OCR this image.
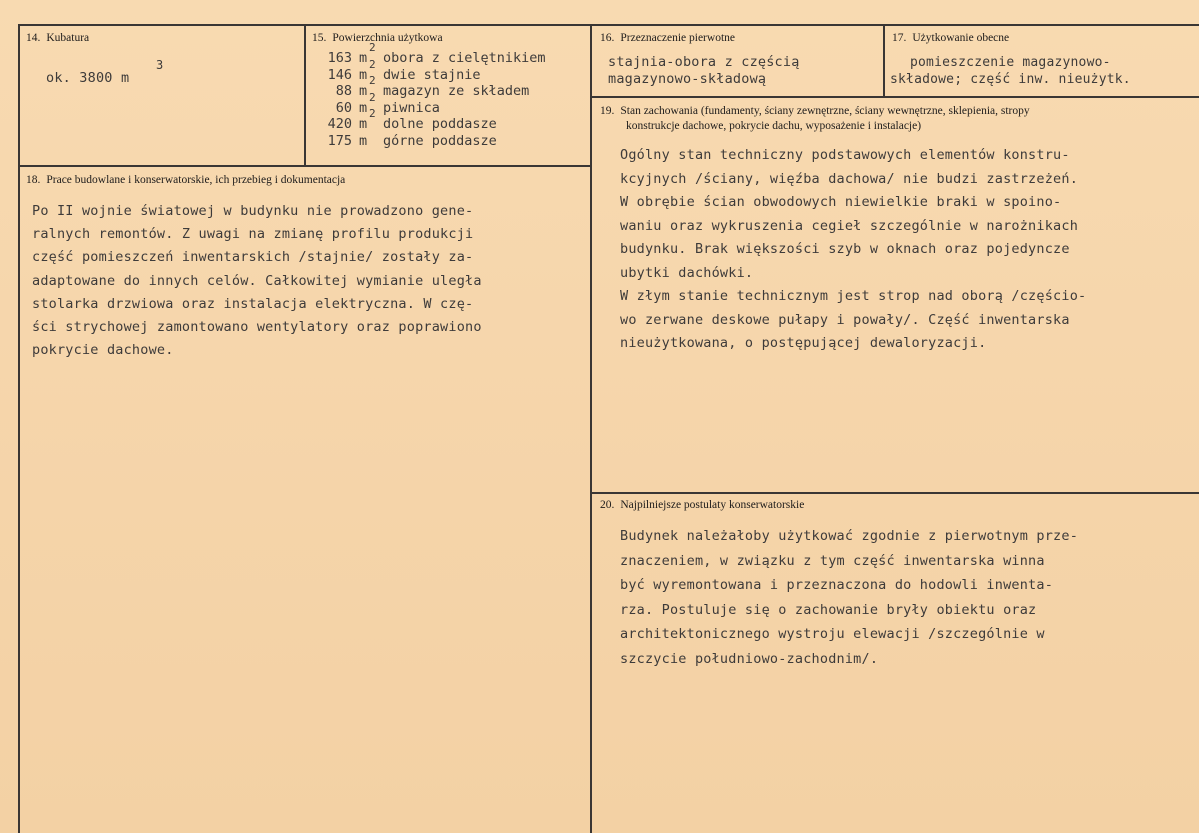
14. Kubatura
ok. 3800 m
3
15. Powierzchnia użytkowa
163 m
2
obora z cielętnikiem
146 m
2
dwie stajnie
88 m
2
magazyn ze składem
60 m
2
piwnica
420 m
2
dolne poddasze
175 m górne poddasze
16. Przeznaczenie pierwotne
stajnia-obora z częścią
magazynowo-składową
17. Użytkowanie obecne
pomieszczenie magazynowo-
składowe; część inw. nieużytk.
18. Prace budowlane i konserwatorskie, ich przebieg i dokumentacja
Po II wojnie światowej w budynku nie prowadzono gene-
ralnych remontów. Z uwagi na zmianę profilu produkcji
część pomieszczeń inwentarskich /stajnie/ zostały za-
adaptowane do innych celów. Całkowitej wymianie uległa
stolarka drzwiowa oraz instalacja elektryczna. W czę-
ści strychowej zamontowano wentylatory oraz poprawiono
pokrycie dachowe.
19. Stan zachowania (fundamenty, ściany zewnętrzne, ściany wewnętrzne, sklepienia, stropy
konstrukcje dachowe, pokrycie dachu, wyposażenie i instalacje)
Ogólny stan techniczny podstawowych elementów konstru-
kcyjnych /ściany, więźba dachowa/ nie budzi zastrzeżeń.
W obrębie ścian obwodowych niewielkie braki w spoino-
waniu oraz wykruszenia cegieł szczególnie w narożnikach
budynku. Brak większości szyb w oknach oraz pojedyncze
ubytki dachówki.
W złym stanie technicznym jest strop nad oborą /częścio-
wo zerwane deskowe pułapy i powały/. Część inwentarska
nieużytkowana, o postępującej dewaloryzacji.
20. Najpilniejsze postulaty konserwatorskie
Budynek należałoby użytkować zgodnie z pierwotnym prze-
znaczeniem, w związku z tym część inwentarska winna
być wyremontowana i przeznaczona do hodowli inwenta-
rza. Postuluje się o zachowanie bryły obiektu oraz
architektonicznego wystroju elewacji /szczególnie w
szczycie południowo-zachodnim/.
